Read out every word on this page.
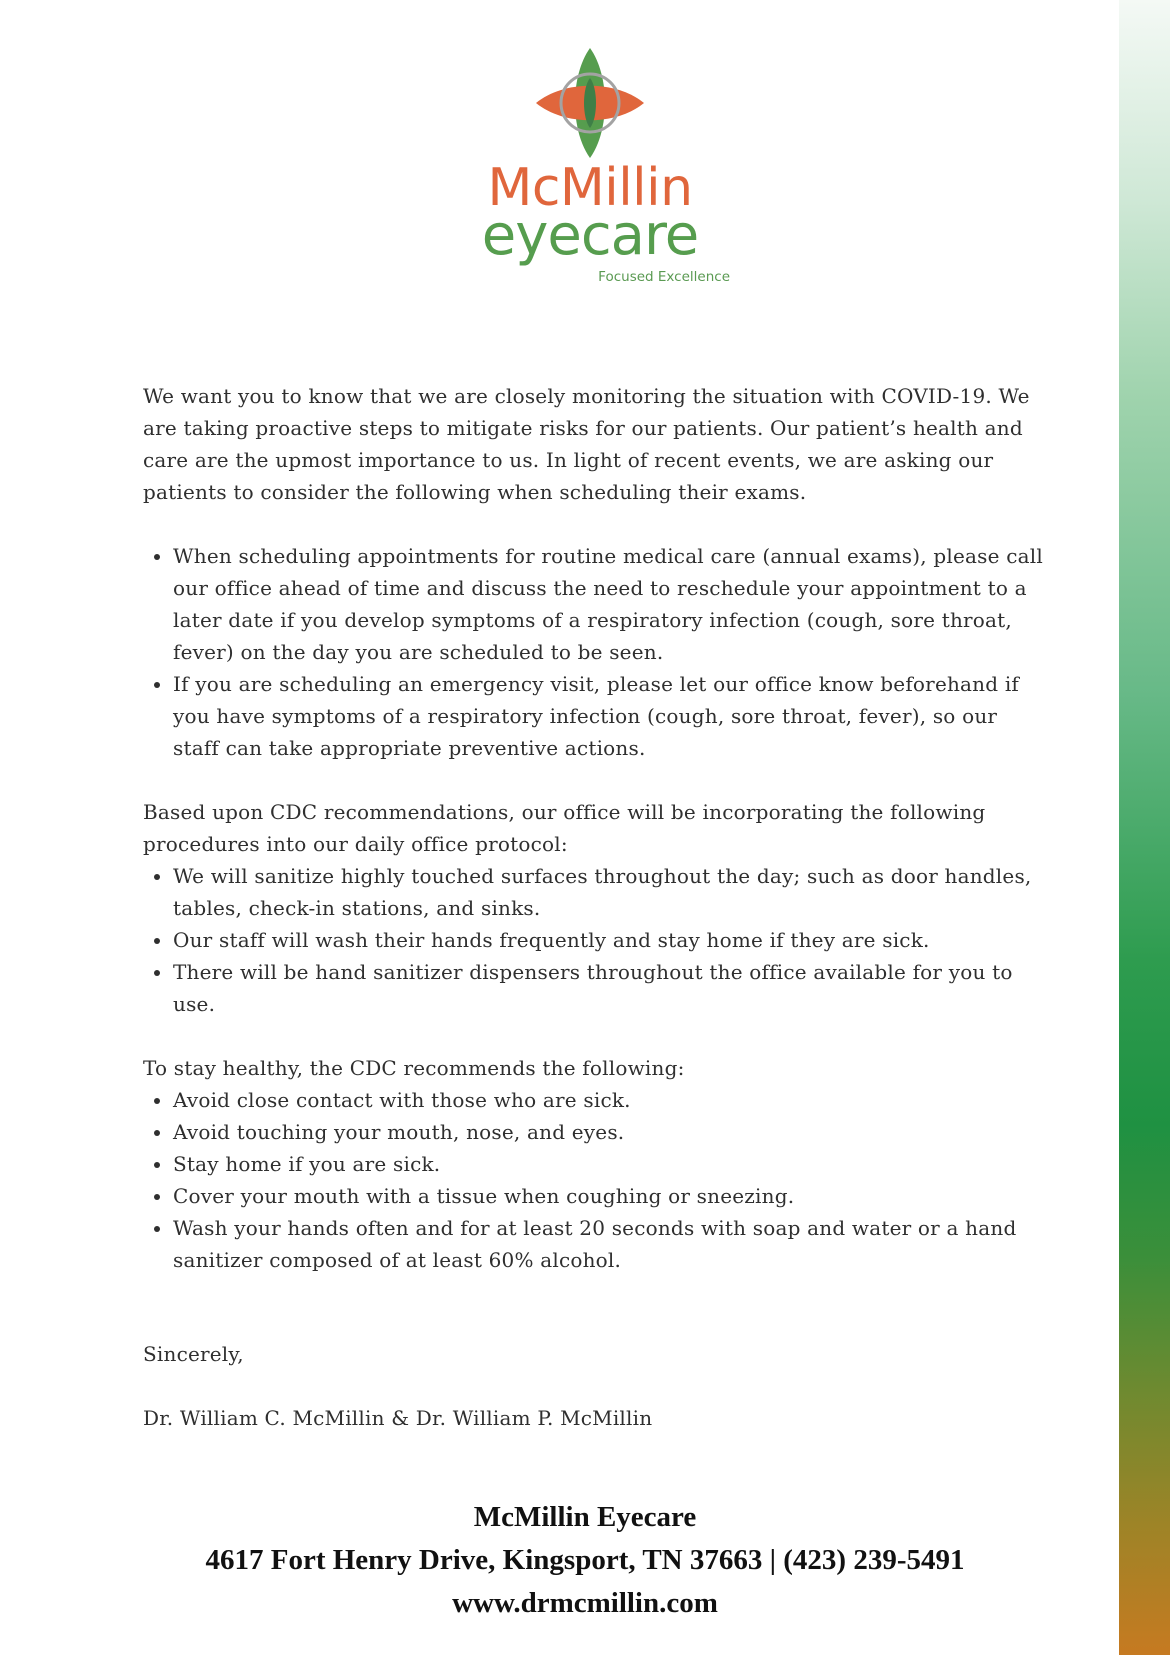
McMillin
eyecare
Focused Excellence

We want you to know that we are closely monitoring the situation with COVID-19. We are taking proactive steps to mitigate risks for our patients. Our patient’s health and care are the upmost importance to us. In light of recent events, we are asking our patients to consider the following when scheduling their exams.

• When scheduling appointments for routine medical care (annual exams), please call our office ahead of time and discuss the need to reschedule your appointment to a later date if you develop symptoms of a respiratory infection (cough, sore throat, fever) on the day you are scheduled to be seen.
• If you are scheduling an emergency visit, please let our office know beforehand if you have symptoms of a respiratory infection (cough, sore throat, fever), so our staff can take appropriate preventive actions.

Based upon CDC recommendations, our office will be incorporating the following procedures into our daily office protocol:

• We will sanitize highly touched surfaces throughout the day; such as door handles, tables, check-in stations, and sinks.
• Our staff will wash their hands frequently and stay home if they are sick.
• There will be hand sanitizer dispensers throughout the office available for you to use.

To stay healthy, the CDC recommends the following:

• Avoid close contact with those who are sick.
• Avoid touching your mouth, nose, and eyes.
• Stay home if you are sick.
• Cover your mouth with a tissue when coughing or sneezing.
• Wash your hands often and for at least 20 seconds with soap and water or a hand sanitizer composed of at least 60% alcohol.

Sincerely,

Dr. William C. McMillin & Dr. William P. McMillin

McMillin Eyecare
4617 Fort Henry Drive, Kingsport, TN 37663 | (423) 239-5491
www.drmcmillin.com
